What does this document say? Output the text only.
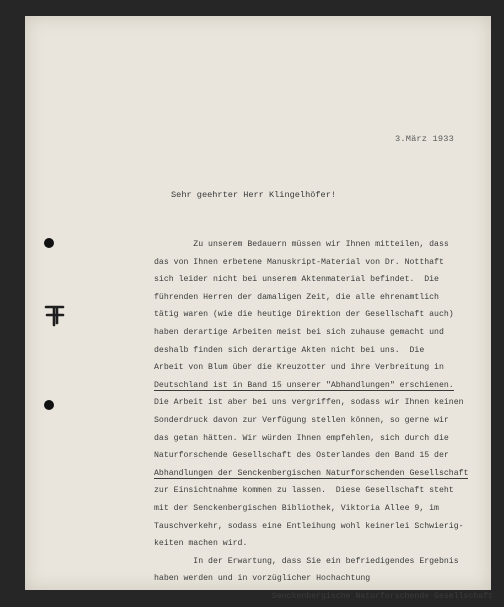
3.März 1933
Sehr geehrter Herr Klingelhöfer!
Zu unserem Bedauern müssen wir Ihnen mitteilen, dass
das von Ihnen erbetene Manuskript-Material von Dr. Notthaft
sich leider nicht bei unserem Aktenmaterial befindet.  Die
führenden Herren der damaligen Zeit, die alle ehrenamtlich
tätig waren (wie die heutige Direktion der Gesellschaft auch)
haben derartige Arbeiten meist bei sich zuhause gemacht und
deshalb finden sich derartige Akten nicht bei uns.  Die
Arbeit von Blum über die Kreuzotter und ihre Verbreitung in
Deutschland ist in Band 15 unserer "Abhandlungen" erschienen.
Die Arbeit ist aber bei uns vergriffen, sodass wir Ihnen keinen
Sonderdruck davon zur Verfügung stellen können, so gerne wir
das getan hätten. Wir würden Ihnen empfehlen, sich durch die
Naturforschende Gesellschaft des Osterlandes den Band 15 der
Abhandlungen der Senckenbergischen Naturforschenden Gesellschaft
zur Einsichtnahme kommen zu lassen.  Diese Gesellschaft steht
mit der Senckenbergischen Bibliothek, Viktoria Allee 9, im
Tauschverkehr, sodass eine Entleihung wohl keinerlei Schwierig-
keiten machen wird.
In der Erwartung, dass Sie ein befriedigendes Ergebnis
haben werden und in vorzüglicher Hochachtung
Senckenbergische Naturforschende Gesellschaft
